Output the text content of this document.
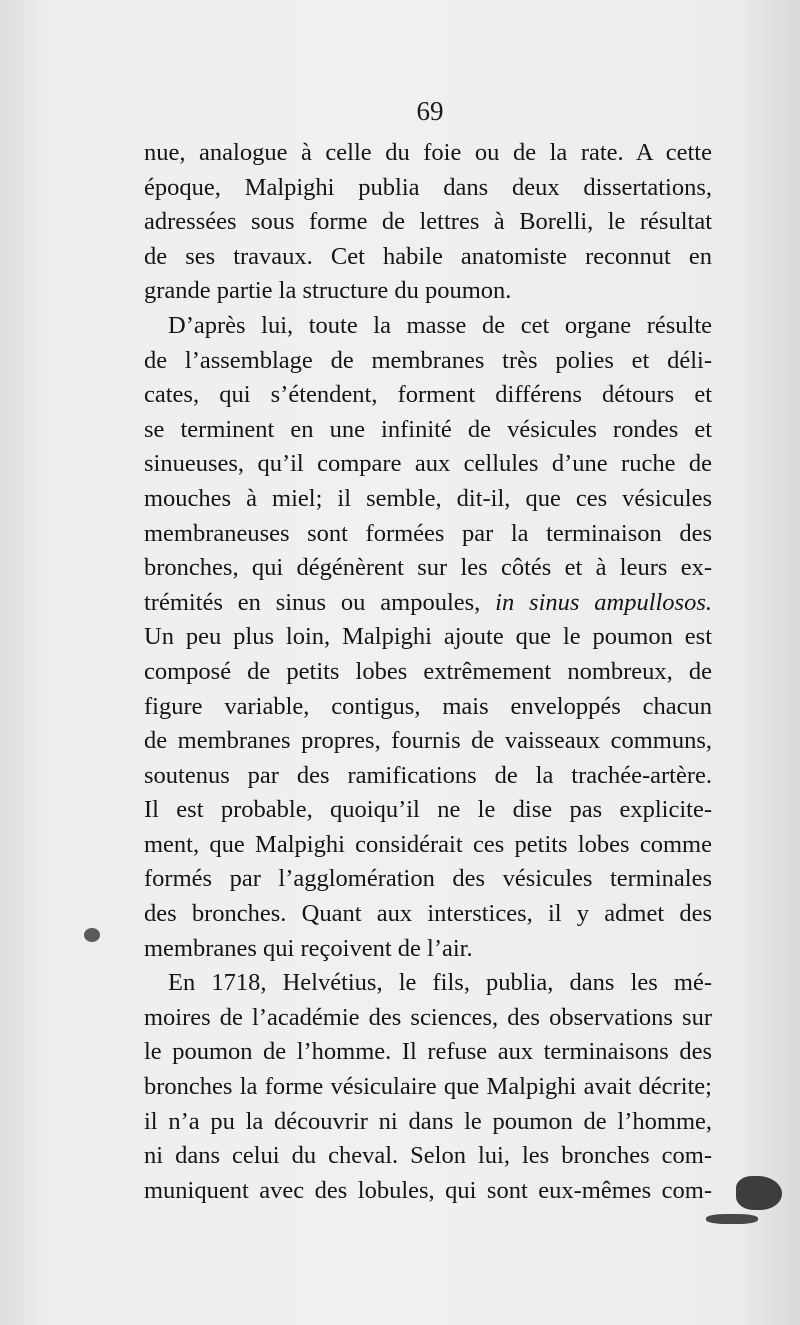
69
nue, analogue à celle du foie ou de la rate. A cette
époque, Malpighi publia dans deux dissertations,
adressées sous forme de lettres à Borelli, le résultat
de ses travaux. Cet habile anatomiste reconnut en
grande partie la structure du poumon.
D’après lui, toute la masse de cet organe résulte
de l’assemblage de membranes très polies et déli-
cates, qui s’étendent, forment différens détours et
se terminent en une infinité de vésicules rondes et
sinueuses, qu’il compare aux cellules d’une ruche de
mouches à miel; il semble, dit-il, que ces vésicules
membraneuses sont formées par la terminaison des
bronches, qui dégénèrent sur les côtés et à leurs ex-
trémités en sinus ou ampoules, in sinus ampullosos.
Un peu plus loin, Malpighi ajoute que le poumon est
composé de petits lobes extrêmement nombreux, de
figure variable, contigus, mais enveloppés chacun
de membranes propres, fournis de vaisseaux communs,
soutenus par des ramifications de la trachée-artère.
Il est probable, quoiqu’il ne le dise pas explicite-
ment, que Malpighi considérait ces petits lobes comme
formés par l’agglomération des vésicules terminales
des bronches. Quant aux interstices, il y admet des
membranes qui reçoivent de l’air.
En 1718, Helvétius, le fils, publia, dans les mé-
moires de l’académie des sciences, des observations sur
le poumon de l’homme. Il refuse aux terminaisons des
bronches la forme vésiculaire que Malpighi avait décrite;
il n’a pu la découvrir ni dans le poumon de l’homme,
ni dans celui du cheval. Selon lui, les bronches com-
muniquent avec des lobules, qui sont eux-mêmes com-
